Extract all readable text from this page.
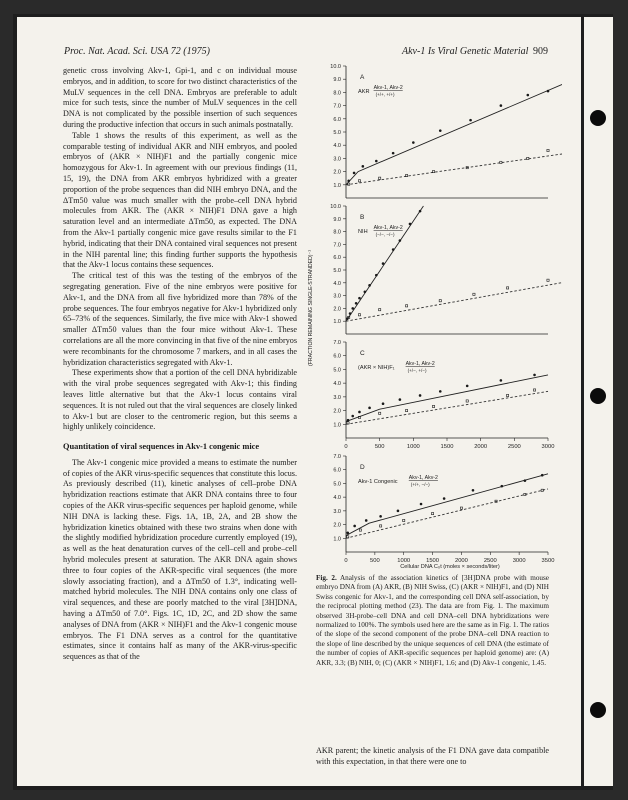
Proc. Nat. Acad. Sci. USA 72 (1975)	Akv-1 Is Viral Genetic Material 909

genetic cross involving Akv-1, Gpi-1, and c on individual mouse embryos, and in addition, to score for two distinct characteristics of the MuLV sequences in the cell DNA. Embryos are preferable to adult mice for such tests, since the number of MuLV sequences in the cell DNA is not complicated by the possible insertion of such sequences during the productive infection that occurs in such animals postnatally.

Table 1 shows the results of this experiment, as well as the comparable testing of individual AKR and NIH embryos, and pooled embryos of (AKR × NIH)F1 and the partially congenic mice homozygous for Akv-1. In agreement with our previous findings (11, 15, 19), the DNA from AKR embryos hybridized with a greater proportion of the probe sequences than did NIH embryo DNA, and the ΔTm50 value was much smaller with the probe–cell DNA hybrid molecules from AKR. The (AKR × NIH)F1 DNA gave a high saturation level and an intermediate ΔTm50, as expected. The DNA from the Akv-1 partially congenic mice gave results similar to the F1 hybrid, indicating that their DNA contained viral sequences not present in the NIH parental line; this finding further supports the hypothesis that the Akv-1 locus contains these sequences.

The critical test of this was the testing of the embryos of the segregating generation. Five of the nine embryos were positive for Akv-1, and the DNA from all five hybridized more than 78% of the probe sequences. The four embryos negative for Akv-1 hybridized only 65–73% of the sequences. Similarly, the five mice with Akv-1 showed smaller ΔTm50 values than the four mice without Akv-1. These correlations are all the more convincing in that five of the nine embryos were recombinants for the chromosome 7 markers, and in all cases the hybridization characteristics segregated with Akv-1.

These experiments show that a portion of the cell DNA hybridizable with the viral probe sequences segregated with Akv-1; this finding leaves little alternative but that the Akv-1 locus contains viral sequences. It is not ruled out that the viral sequences are closely linked to Akv-1 but are closer to the centromeric region, but this seems a highly unlikely coincidence.

Quantitation of viral sequences in Akv-1 congenic mice

The Akv-1 congenic mice provided a means to estimate the number of copies of the AKR virus-specific sequences that constitute this locus. As previously described (11), kinetic analyses of cell–probe DNA hybridization reactions estimate that AKR DNA contains three to four copies of the AKR virus-specific sequences per haploid genome, while NIH DNA is lacking these. Figs. 1A, 1B, 2A, and 2B show the hybridization kinetics obtained with these two strains when done with the slightly modified hybridization procedure currently employed (19), as well as the heat denaturation curves of the cell–cell and probe–cell hybrid molecules present at saturation. The AKR DNA again shows three to four copies of the AKR-specific viral sequences (the more slowly associating fraction), and a ΔTm50 of 1.3°, indicating well-matched hybrid molecules. The NIH DNA contains only one class of viral sequences, and these are poorly matched to the viral [3H]DNA, having a ΔTm50 of 7.0°. Figs. 1C, 1D, 2C, and 2D show the same analyses of DNA from (AKR × NIH)F1 and the Akv-1 congenic mouse embryos. The F1 DNA serves as a control for the quantitative estimates, since it contains half as many of the AKR-virus-specific sequences as that of the

1.0
2.0
3.0
4.0
5.0
6.0
7.0
8.0
9.0
10.0
A
AKR
Akv-1, Akv-2
(+/+, +/+)
1.0
2.0
3.0
4.0
5.0
6.0
7.0
8.0
9.0
10.0
B
NIH
Akv-1, Akv-2
(−/−, −/−)
1.0
2.0
3.0
4.0
5.0
6.0
7.0
0	500	1000	1500	2000	2500	3000
C
(AKR × NIH)F₁
Akv-1, Akv-2
(+/−, +/−)
1.0
2.0
3.0
4.0
5.0
6.0
7.0
0	500	1000	1500	2000	2500	3000	3500
D
Akv-1 Congenic
Akv-1, Akv-2
(+/+, −/−)
(FRACTION REMAINING SINGLE-STRANDED)⁻¹
Cellular DNA C₀t (moles × seconds/liter)
Fig. 2. Analysis of the association kinetics of [3H]DNA probe with mouse embryo DNA from (A) AKR, (B) NIH Swiss, (C) (AKR × NIH)F1, and (D) NIH Swiss congenic for Akv-1, and the corresponding cell DNA self-association, by the reciprocal plotting method (23). The data are from Fig. 1. The maximum observed 3H-probe–cell DNA and cell DNA–cell DNA hybridizations were normalized to 100%. The symbols used here are the same as in Fig. 1. The ratios of the slope of the second component of the probe DNA–cell DNA reaction to the slope of line described by the unique sequences of cell DNA (the estimate of the number of copies of AKR-specific sequences per haploid genome) are: (A) AKR, 3.3; (B) NIH, 0; (C) (AKR × NIH)F1, 1.6; and (D) Akv-1 congenic, 1.45.
AKR parent; the kinetic analysis of the F1 DNA gave data compatible with this expectation, in that there were one to
